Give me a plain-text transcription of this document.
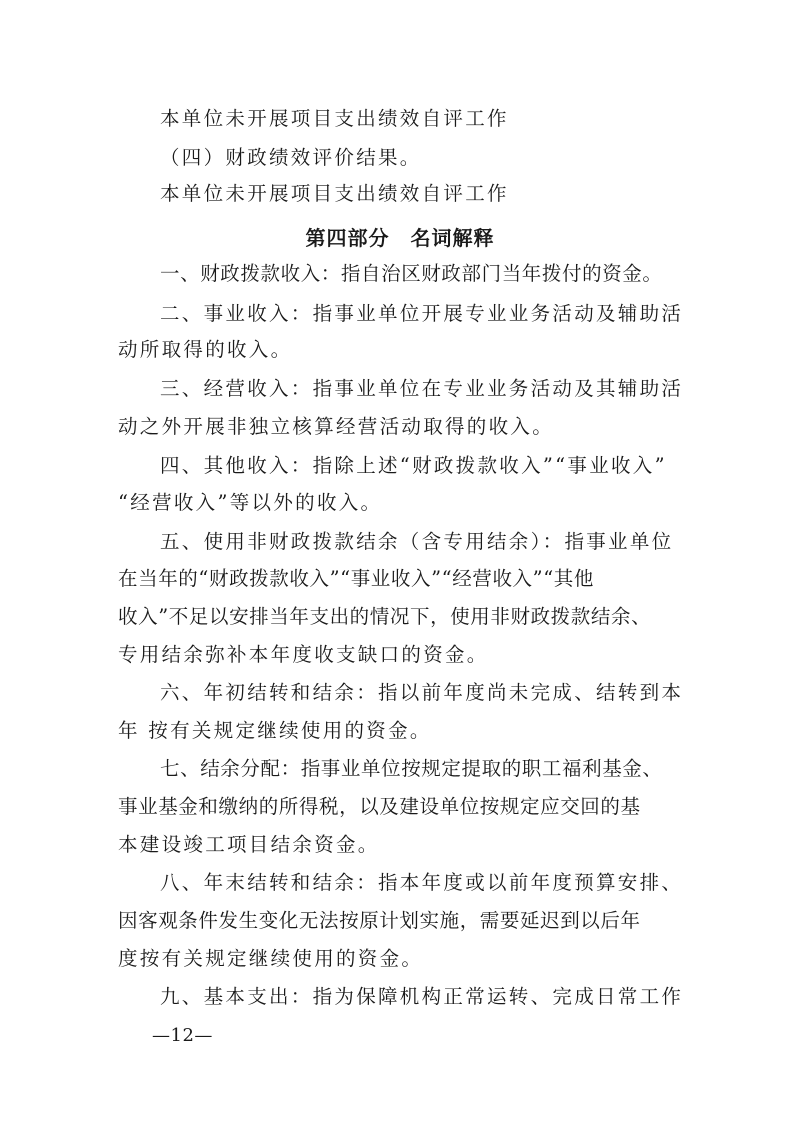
本单位未开展项目支出绩效自评工作
（四）财政绩效评价结果。
本单位未开展项目支出绩效自评工作
第四部分　名词解释
一、财政拨款收入：指自治区财政部门当年拨付的资金。
二、事业收入：指事业单位开展专业业务活动及辅助活
动所取得的收入。
三、经营收入：指事业单位在专业业务活动及其辅助活
动之外开展非独立核算经营活动取得的收入。
四、其他收入：指除上述“财政拨款收入”“事业收入”
“经营收入”等以外的收入。
五、使用非财政拨款结余（含专用结余）：指事业单位
在当年的“财政拨款收入”“事业收入”“经营收入”“其他
收入”不足以安排当年支出的情况下，使用非财政拨款结余、
专用结余弥补本年度收支缺口的资金。
六、年初结转和结余：指以前年度尚未完成、结转到本
年 按有关规定继续使用的资金。
七、结余分配：指事业单位按规定提取的职工福利基金、
事业基金和缴纳的所得税，以及建设单位按规定应交回的基
本建设竣工项目结余资金。
八、年末结转和结余：指本年度或以前年度预算安排、
因客观条件发生变化无法按原计划实施，需要延迟到以后年
度按有关规定继续使用的资金。
九、基本支出：指为保障机构正常运转、完成日常工作
—12—
